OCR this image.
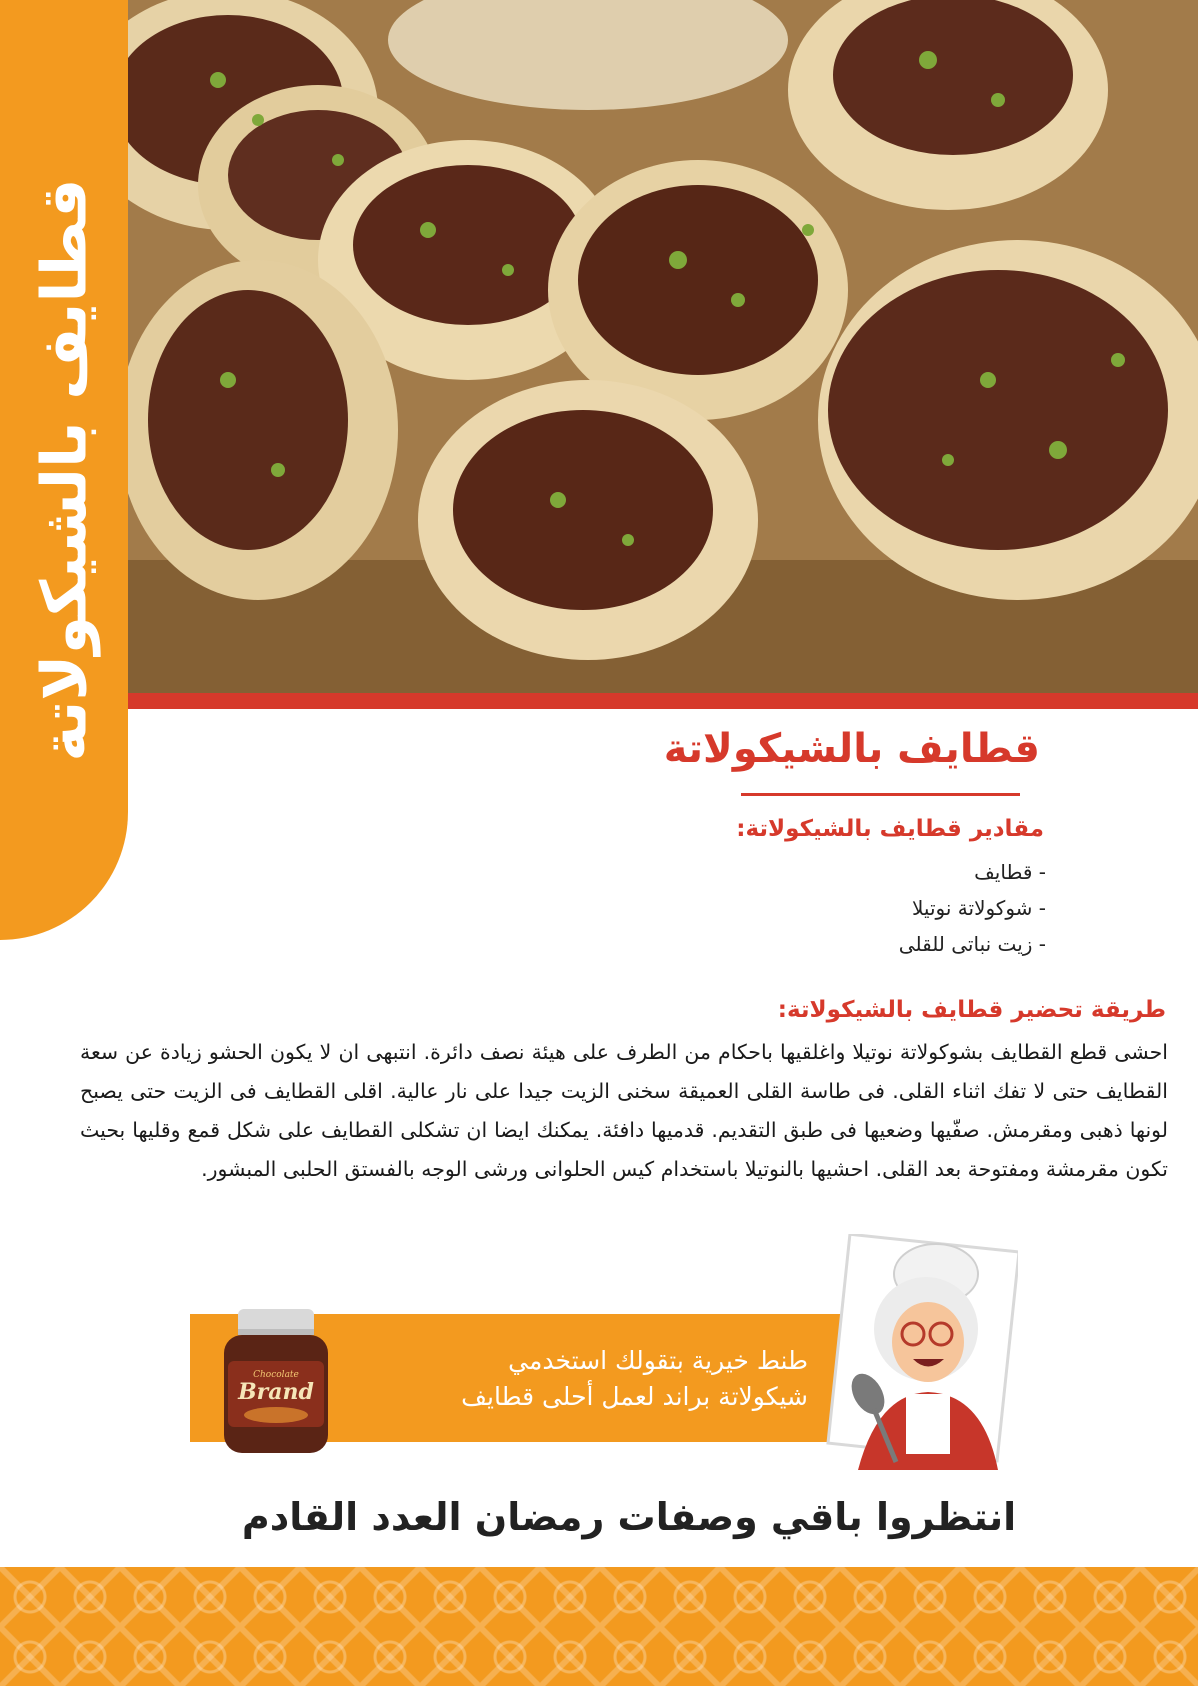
قطايف بالشيكولاتة	قطايف بالشيكولاتة
مقادير قطايف بالشيكولاتة:
- قطايف
- شوكولاتة نوتيلا
- زيت نباتى للقلى
طريقة تحضير قطايف بالشيكولاتة:

احشى قطع القطايف بشوكولاتة نوتيلا واغلقيها باحكام من الطرف على هيئة نصف دائرة. انتبهى ان لا يكون الحشو زيادة عن سعة القطايف حتى لا تفك اثناء القلى. فى طاسة القلى العميقة سخنى الزيت جيدا على نار عالية. اقلى القطايف فى الزيت حتى يصبح لونها ذهبى ومقرمش. صفّيها وضعيها فى طبق التقديم. قدميها دافئة. يمكنك ايضا ان تشكلى القطايف على شكل قمع وقليها بحيث تكون مقرمشة ومفتوحة بعد القلى. احشيها بالنوتيلا باستخدام كيس الحلوانى ورشى الوجه بالفستق الحلبى المبشور.

طنط خيرية بتقولك استخدمي
شيكولاتة براند لعمل أحلى قطايف
Chocolate
Brand
انتظروا باقي وصفات رمضان العدد القادم
